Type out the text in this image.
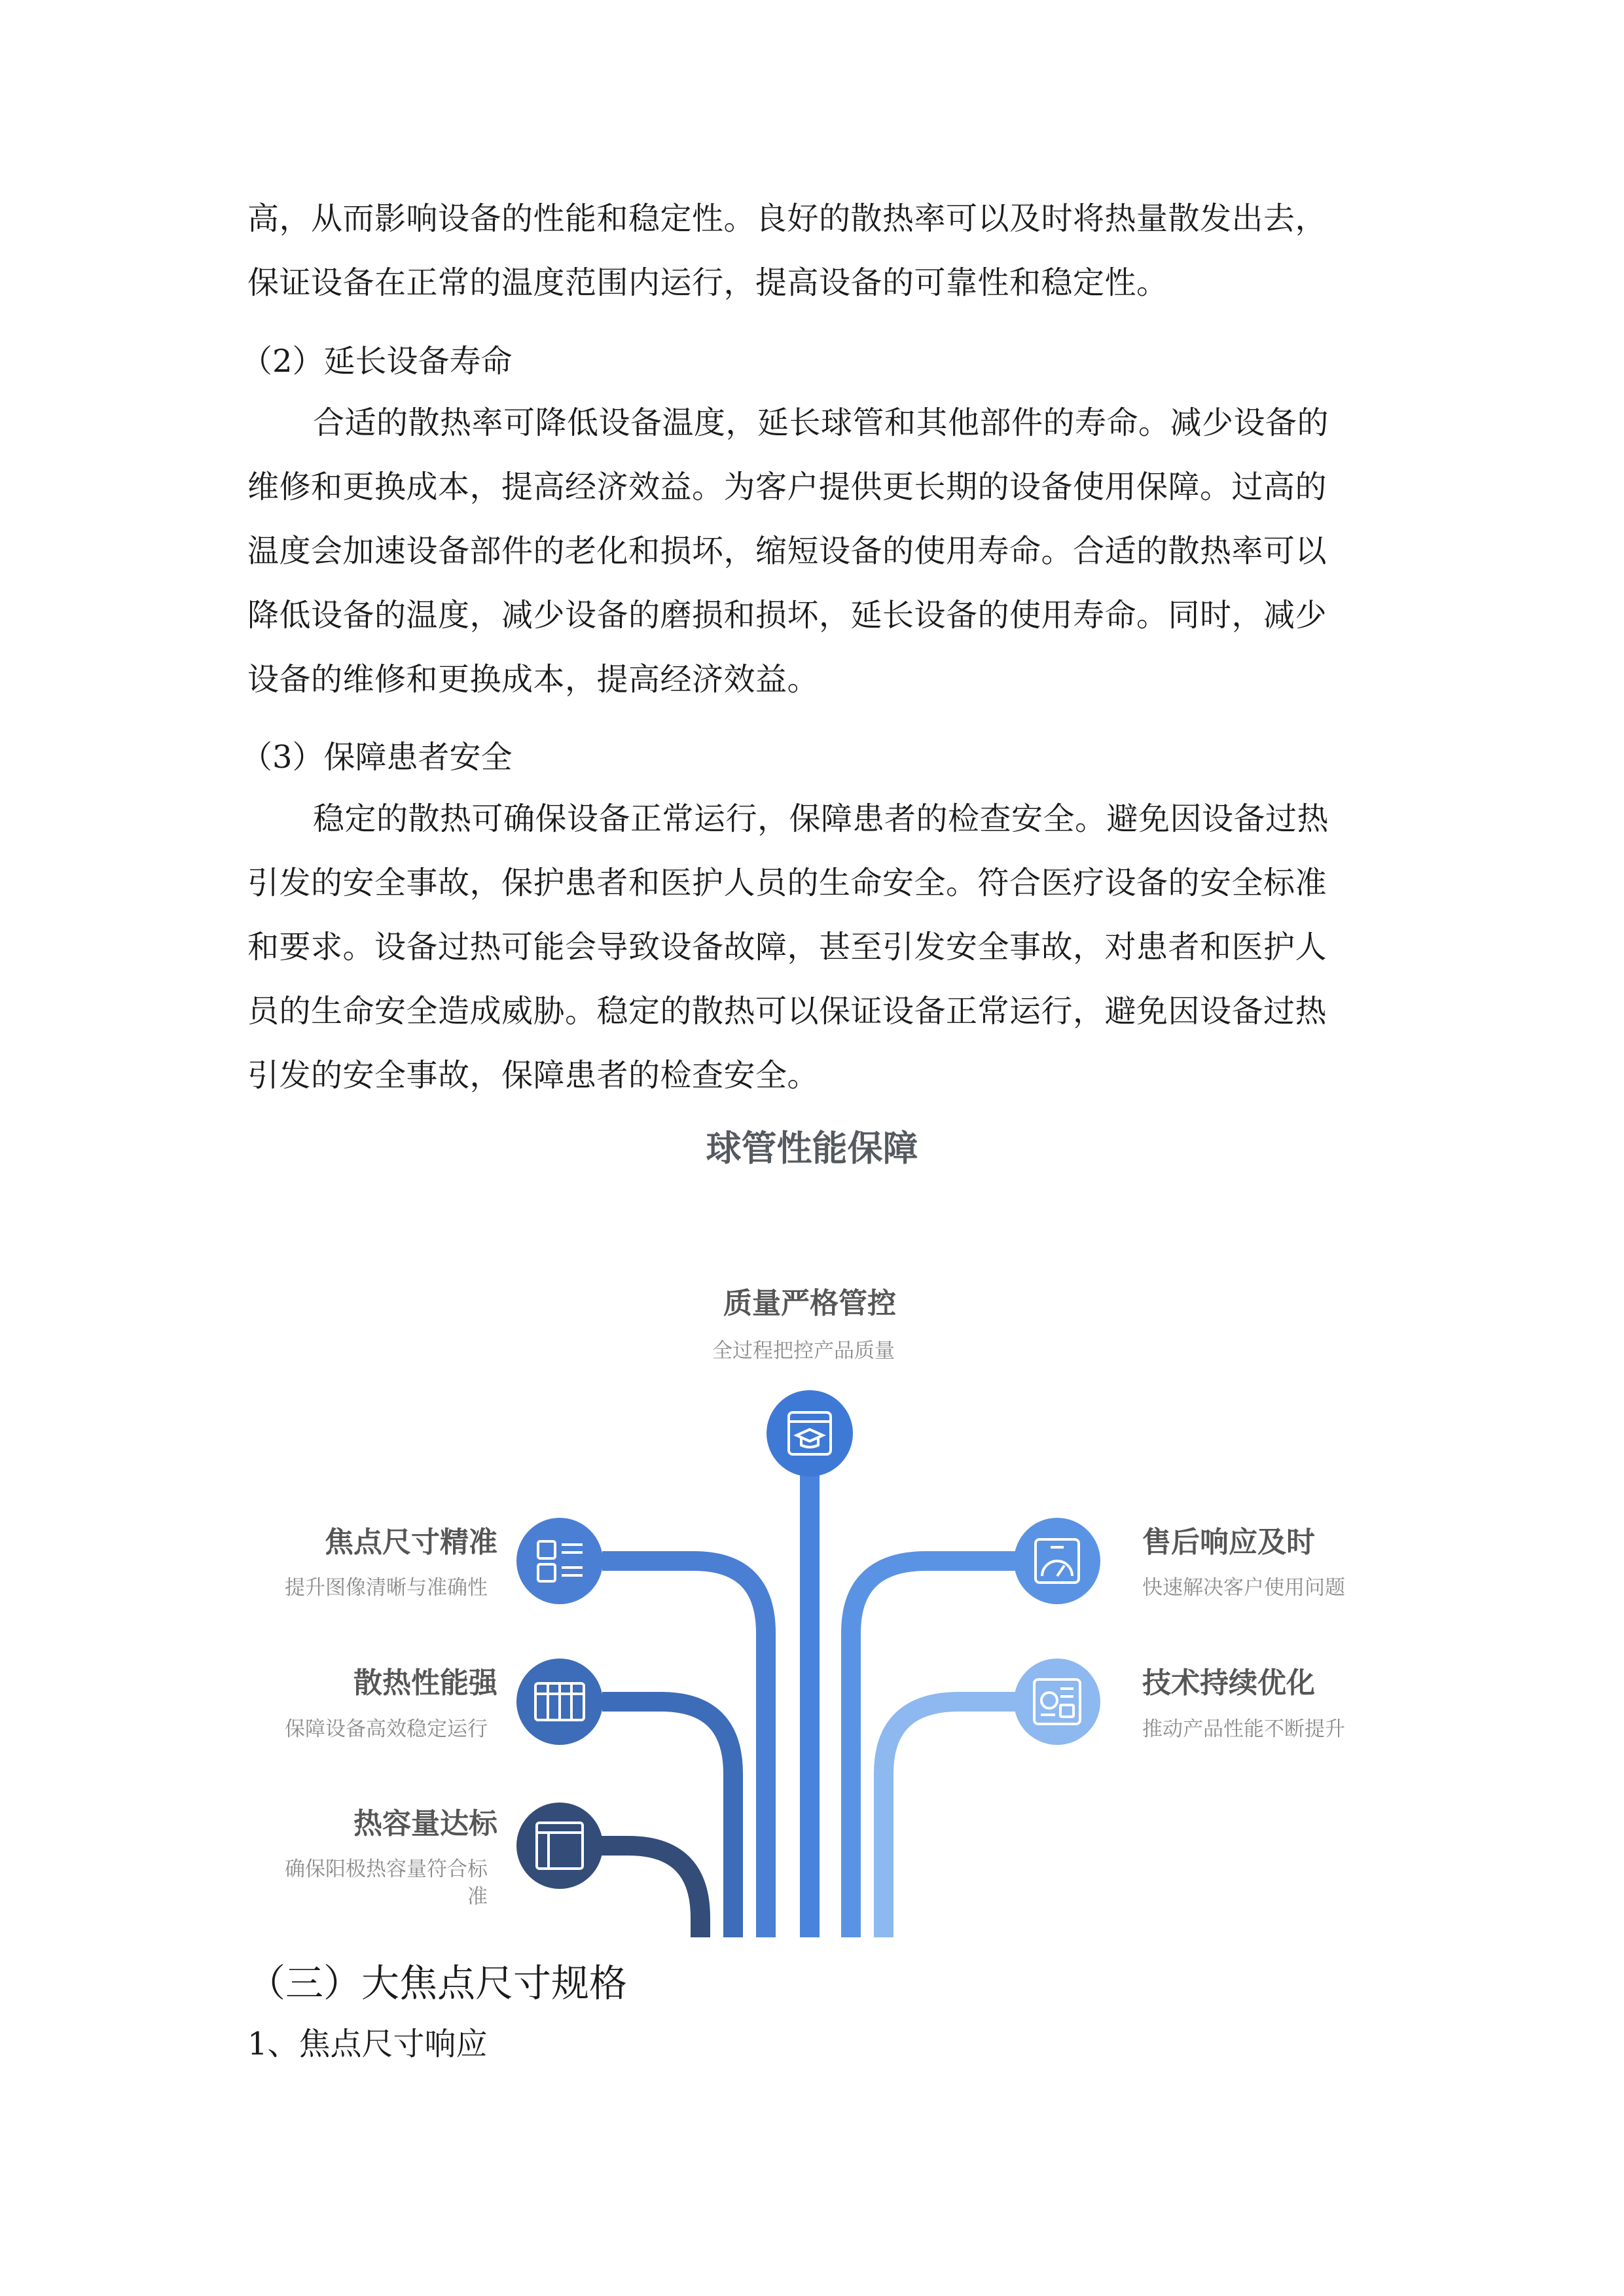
高，从而影响设备的性能和稳定性。良好的散热率可以及时将热量散发出去，

保证设备在正常的温度范围内运行，提高设备的可靠性和稳定性。

（2）延长设备寿命

合适的散热率可降低设备温度，延长球管和其他部件的寿命。减少设备的

维修和更换成本，提高经济效益。为客户提供更长期的设备使用保障。过高的

温度会加速设备部件的老化和损坏，缩短设备的使用寿命。合适的散热率可以

降低设备的温度，减少设备的磨损和损坏，延长设备的使用寿命。同时，减少

设备的维修和更换成本，提高经济效益。

（3）保障患者安全

稳定的散热可确保设备正常运行，保障患者的检查安全。避免因设备过热

引发的安全事故，保护患者和医护人员的生命安全。符合医疗设备的安全标准

和要求。设备过热可能会导致设备故障，甚至引发安全事故，对患者和医护人

员的生命安全造成威胁。稳定的散热可以保证设备正常运行，避免因设备过热

引发的安全事故，保障患者的检查安全。

球管性能保障
质量严格管控
全过程把控产品质量
焦点尺寸精准
提升图像清晰与准确性
散热性能强
保障设备高效稳定运行
热容量达标
确保阳极热容量符合标准
售后响应及时
快速解决客户使用问题
技术持续优化
推动产品性能不断提升
（三）大焦点尺寸规格
1、焦点尺寸响应
